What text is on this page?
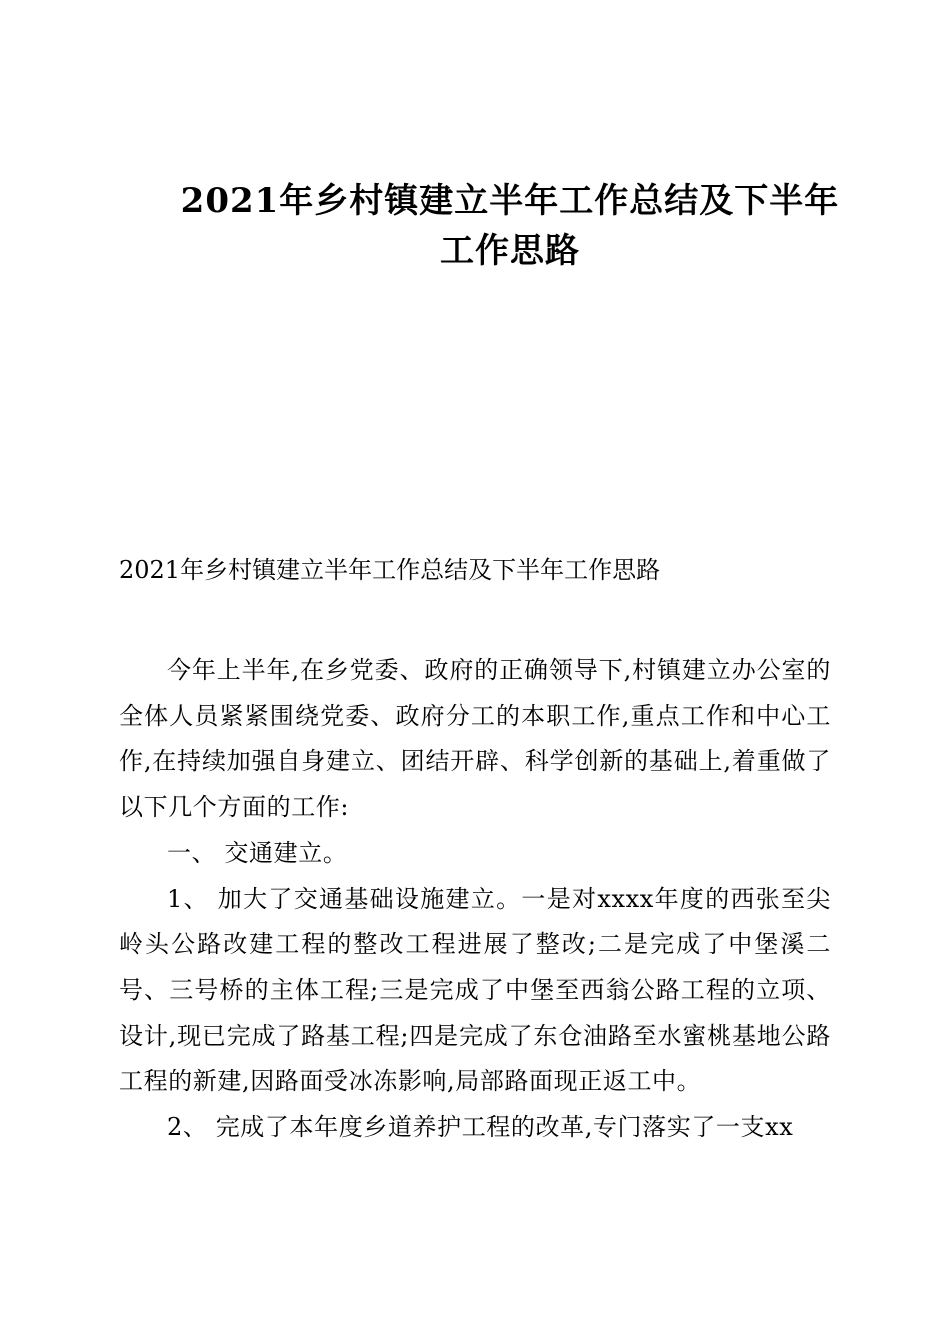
2021年乡村镇建立半年工作总结及下半年
工作思路

2021年乡村镇建立半年工作总结及下半年工作思路

今年上半年,在乡党委、政府的正确领导下,村镇建立办公室的全体人员紧紧围绕党委、政府分工的本职工作,重点工作和中心工作,在持续加强自身建立、团结开辟、科学创新的基础上,着重做了以下几个方面的工作:

一、 交通建立。

1、 加大了交通基础设施建立。一是对xxxx年度的西张至尖岭头公路改建工程的整改工程进展了整改;二是完成了中堡溪二号、三号桥的主体工程;三是完成了中堡至西翁公路工程的立项、设计,现已完成了路基工程;四是完成了东仓油路至水蜜桃基地公路工程的新建,因路面受冰冻影响,局部路面现正返工中。

2、 完成了本年度乡道养护工程的改革,专门落实了一支xx
